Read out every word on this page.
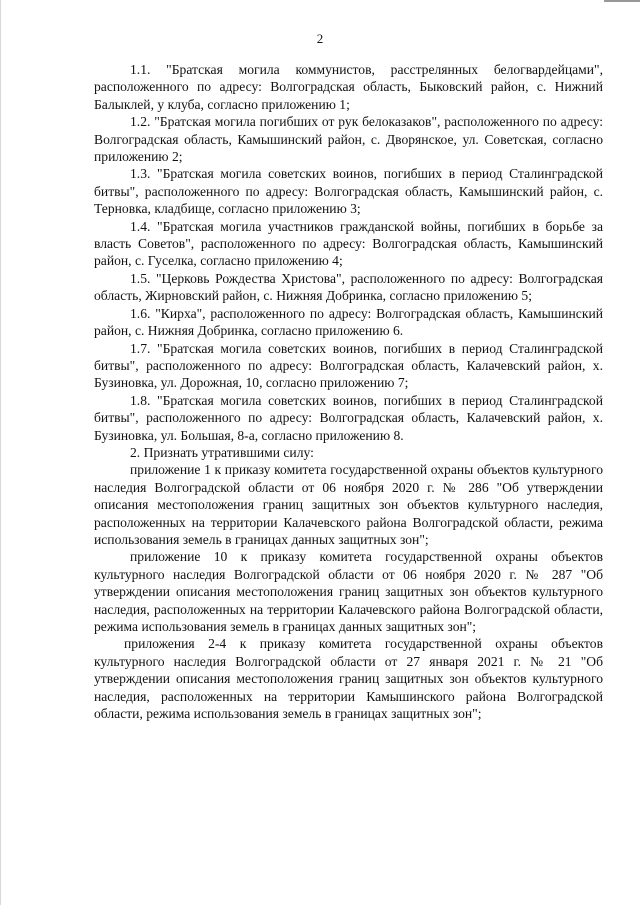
2

1.1. "Братская могила коммунистов, расстрелянных белогвардейцами", расположенного по адресу: Волгоградская область, Быковский район, с. Нижний Балыклей, у клуба, согласно приложению 1;

1.2. "Братская могила погибших от рук белоказаков", расположенного по адресу: Волгоградская область, Камышинский район, с. Дворянское, ул. Советская, согласно приложению 2;

1.3. "Братская могила советских воинов, погибших в период Сталинградской битвы", расположенного по адресу: Волгоградская область, Камышинский район, с. Терновка, кладбище, согласно приложению 3;

1.4. "Братская могила участников гражданской войны, погибших в борьбе за власть Советов", расположенного по адресу: Волгоградская область, Камышинский район, с. Гуселка, согласно приложению 4;

1.5. "Церковь Рождества Христова", расположенного по адресу: Волгоградская область, Жирновский район, с. Нижняя Добринка, согласно приложению 5;

1.6. "Кирха", расположенного по адресу: Волгоградская область, Камышинский район, с. Нижняя Добринка, согласно приложению 6.

1.7. "Братская могила советских воинов, погибших в период Сталинградской битвы", расположенного по адресу: Волгоградская область, Калачевский район, х. Бузиновка, ул. Дорожная, 10, согласно приложению 7;

1.8. "Братская могила советских воинов, погибших в период Сталинградской битвы", расположенного по адресу: Волгоградская область, Калачевский район, х. Бузиновка, ул. Большая, 8-а, согласно приложению 8.

2. Признать утратившими силу:

приложение 1 к приказу комитета государственной охраны объектов культурного наследия Волгоградской области от 06 ноября 2020 г. № 286 "Об утверждении описания местоположения границ защитных зон объектов культурного наследия, расположенных на территории Калачевского района Волгоградской области, режима использования земель в границах данных защитных зон";

приложение 10 к приказу комитета государственной охраны объектов культурного наследия Волгоградской области от 06 ноября 2020 г. № 287 "Об утверждении описания местоположения границ защитных зон объектов культурного наследия, расположенных на территории Калачевского района Волгоградской области, режима использования земель в границах данных защитных зон";

приложения 2-4 к приказу комитета государственной охраны объектов культурного наследия Волгоградской области от 27 января 2021 г. № 21 "Об утверждении описания местоположения границ защитных зон объектов культурного наследия, расположенных на территории Камышинского района Волгоградской области, режима использования земель в границах защитных зон";
